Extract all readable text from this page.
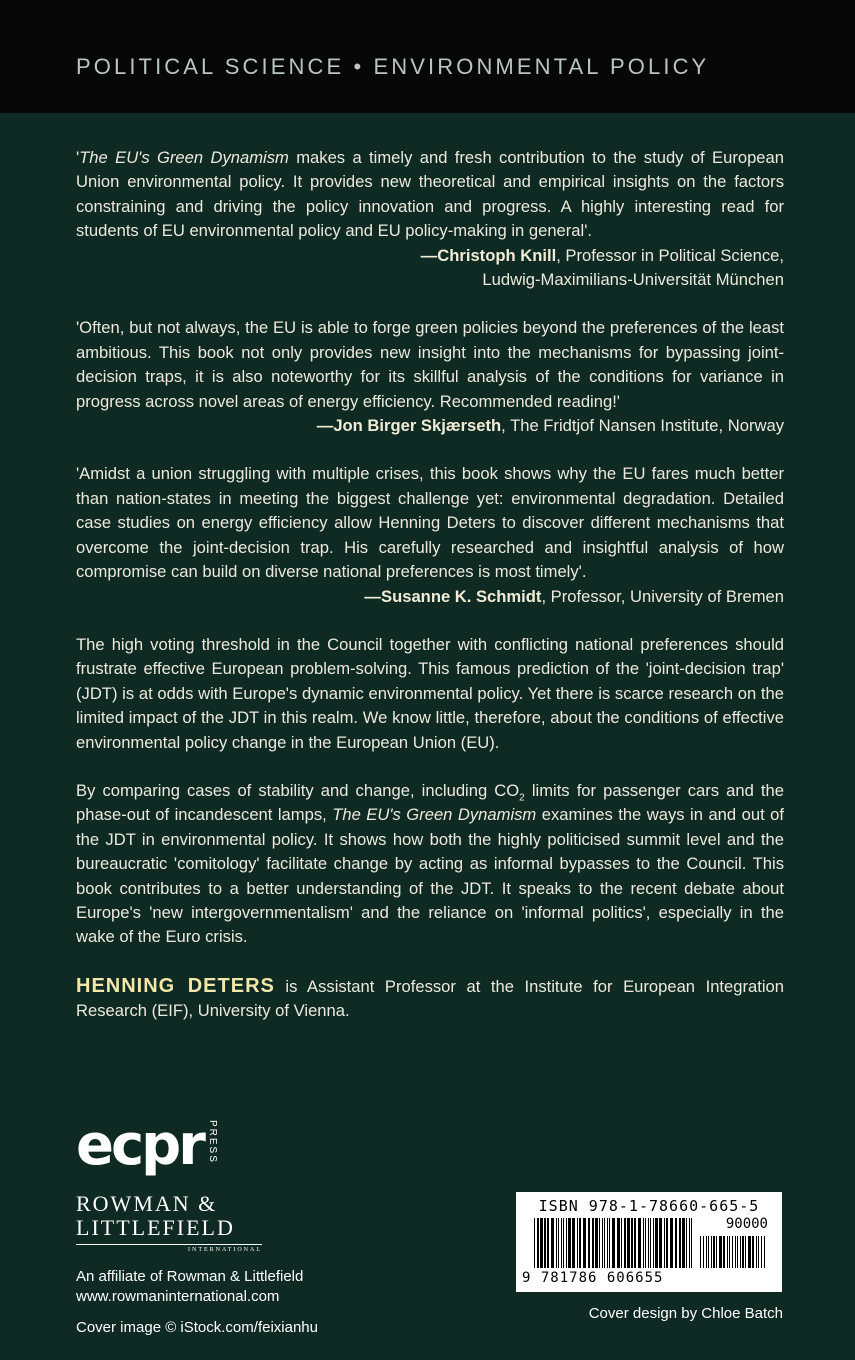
POLITICAL SCIENCE • ENVIRONMENTAL POLICY

'The EU's Green Dynamism makes a timely and fresh contribution to the study of European Union environmental policy. It provides new theoretical and empirical insights on the factors constraining and driving the policy innovation and progress. A highly interesting read for students of EU environmental policy and EU policy-making in general'.

—Christoph Knill, Professor in Political Science,

Ludwig-Maximilians-Universität München

'Often, but not always, the EU is able to forge green policies beyond the preferences of the least ambitious. This book not only provides new insight into the mechanisms for bypassing joint-decision traps, it is also noteworthy for its skillful analysis of the conditions for variance in progress across novel areas of energy efficiency. Recommended reading!'

—Jon Birger Skjærseth, The Fridtjof Nansen Institute, Norway

'Amidst a union struggling with multiple crises, this book shows why the EU fares much better than nation-states in meeting the biggest challenge yet: environmental degradation. Detailed case studies on energy efficiency allow Henning Deters to discover different mechanisms that overcome the joint-decision trap. His carefully researched and insightful analysis of how compromise can build on diverse national preferences is most timely'.

—Susanne K. Schmidt, Professor, University of Bremen

The high voting threshold in the Council together with conflicting national preferences should frustrate effective European problem-solving. This famous prediction of the 'joint-decision trap' (JDT) is at odds with Europe's dynamic environmental policy. Yet there is scarce research on the limited impact of the JDT in this realm. We know little, therefore, about the conditions of effective environmental policy change in the European Union (EU).

By comparing cases of stability and change, including $CO_2$ limits for passenger cars and the phase-out of incandescent lamps, The EU's Green Dynamism examines the ways in and out of the JDT in environmental policy. It shows how both the highly politicised summit level and the bureaucratic 'comitology' facilitate change by acting as informal bypasses to the Council. This book contributes to a better understanding of the JDT. It speaks to the recent debate about Europe's 'new intergovernmentalism' and the reliance on 'informal politics', especially in the wake of the Euro crisis.

HENNING DETERS is Assistant Professor at the Institute for European Integration Research (EIF), University of Vienna.

ecpr PRESS
ROWMAN &
LITTLEFIELD
INTERNATIONAL
An affiliate of Rowman & Littlefield
www.rowmaninternational.com
Cover image © iStock.com/feixianhu
ISBN 978-1-78660-665-5
90000
9 781786 606655
Cover design by Chloe Batch
